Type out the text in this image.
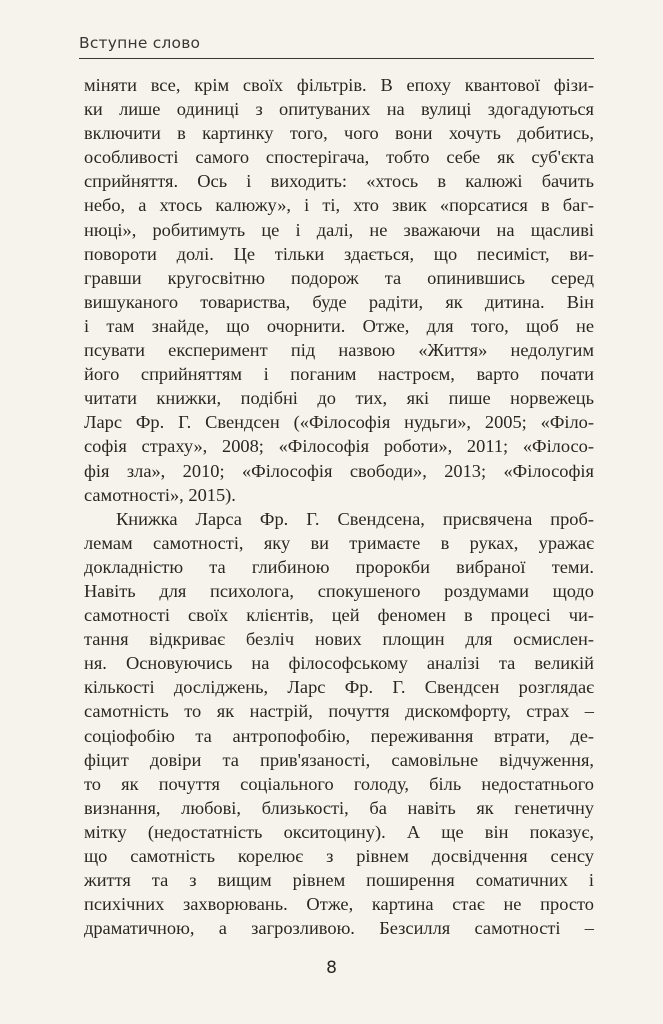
Вступне слово
міняти все, крім своїх фільтрів. В епоху квантової фізи-
ки лише одиниці з опитуваних на вулиці здогадуються
включити в картинку того, чого вони хочуть добитись,
особливості самого спостерігача, тобто себе як суб'єкта
сприйняття. Ось і виходить: «хтось в калюжі бачить
небо, а хтось калюжу», і ті, хто звик «порсатися в баг-
нюці», робитимуть це і далі, не зважаючи на щасливі
повороти долі. Це тільки здається, що песиміст, ви-
гравши кругосвітню подорож та опинившись серед
вишуканого товариства, буде радіти, як дитина. Він
і там знайде, що очорнити. Отже, для того, щоб не
псувати експеримент під назвою «Життя» недолугим
його сприйняттям і поганим настроєм, варто почати
читати книжки, подібні до тих, які пише норвежець
Ларс Фр. Г. Свендсен («Філософія нудьги», 2005; «Філо-
софія страху», 2008; «Філософія роботи», 2011; «Філосо-
фія зла», 2010; «Філософія свободи», 2013; «Філософія
самотності», 2015).
Книжка Ларса Фр. Г. Свендсена, присвячена проб-
лемам самотності, яку ви тримаєте в руках, уражає
докладністю та глибиною пророкби вибраної теми.
Навіть для психолога, спокушеного роздумами щодо
самотності своїх клієнтів, цей феномен в процесі чи-
тання відкриває безліч нових площин для осмислен-
ня. Основуючись на філософському аналізі та великій
кількості досліджень, Ларс Фр. Г. Свендсен розглядає
самотність то як настрій, почуття дискомфорту, страх –
соціофобію та антропофобію, переживання втрати, де-
фіцит довіри та прив'язаності, самовільне відчуження,
то як почуття соціального голоду, біль недостатнього
визнання, любові, близькості, ба навіть як генетичну
мітку (недостатність окситоцину). А ще він показує,
що самотність корелює з рівнем досвідчення сенсу
життя та з вищим рівнем поширення соматичних і
психічних захворювань. Отже, картина стає не просто
драматичною, а загрозливою. Безсилля самотності –
8
